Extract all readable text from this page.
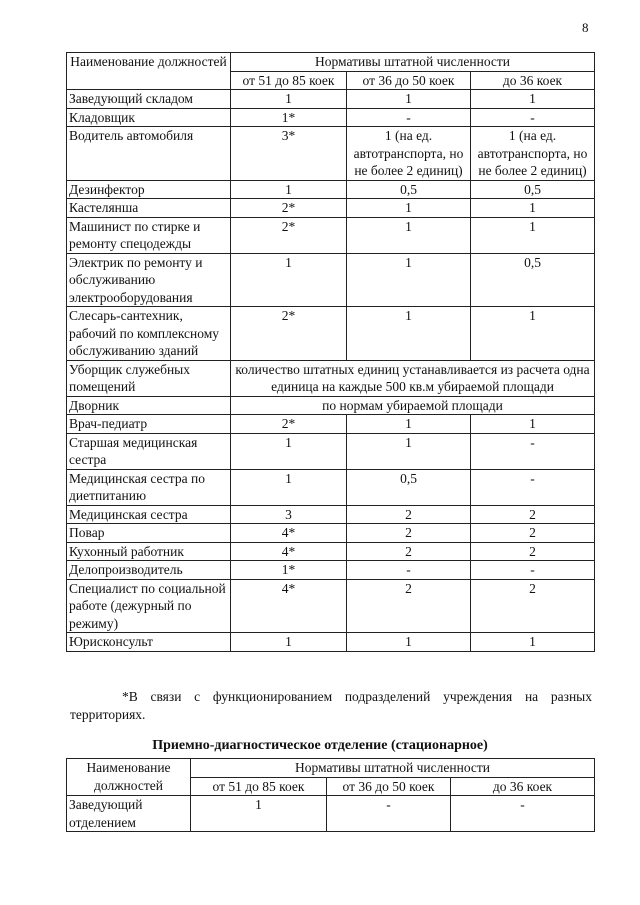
8
Наименование должностей	Нормативы штатной численности		
	от 51 до 85 коек	от 36 до 50 коек	до 36 коек
Заведующий складом	1	1	1
Кладовщик	1*	-	-
Водитель автомобиля	3*	1 (на ед. автотранспорта, но не более 2 единиц)	1 (на ед. автотранспорта, но не более 2 единиц)
Дезинфектор	1	0,5	0,5
Кастелянша	2*	1	1
Машинист по стирке и ремонту спецодежды	2*	1	1
Электрик по ремонту и обслуживанию электрооборудования	1	1	0,5
Слесарь-сантехник, рабочий по комплексному обслуживанию зданий	2*	1	1
Уборщик служебных помещений	количество штатных единиц устанавливается из расчета одна единица на каждые 500 кв.м убираемой площади		
Дворник	по нормам убираемой площади		
Врач-педиатр	2*	1	1
Старшая медицинская сестра	1	1	-
Медицинская сестра по диетпитанию	1	0,5	-
Медицинская сестра	3	2	2
Повар	4*	2	2
Кухонный работник	4*	2	2
Делопроизводитель	1*	-	-
Специалист по социальной работе (дежурный по режиму)	4*	2	2
Юрисконсульт	1	1	1
*В связи с функционированием подразделений учреждения на разных территориях.
Приемно-диагностическое отделение (стационарное)
Наименование должностей	Нормативы штатной численности		
	от 51 до 85 коек	от 36 до 50 коек	до 36 коек
Заведующий отделением	1	-	-
